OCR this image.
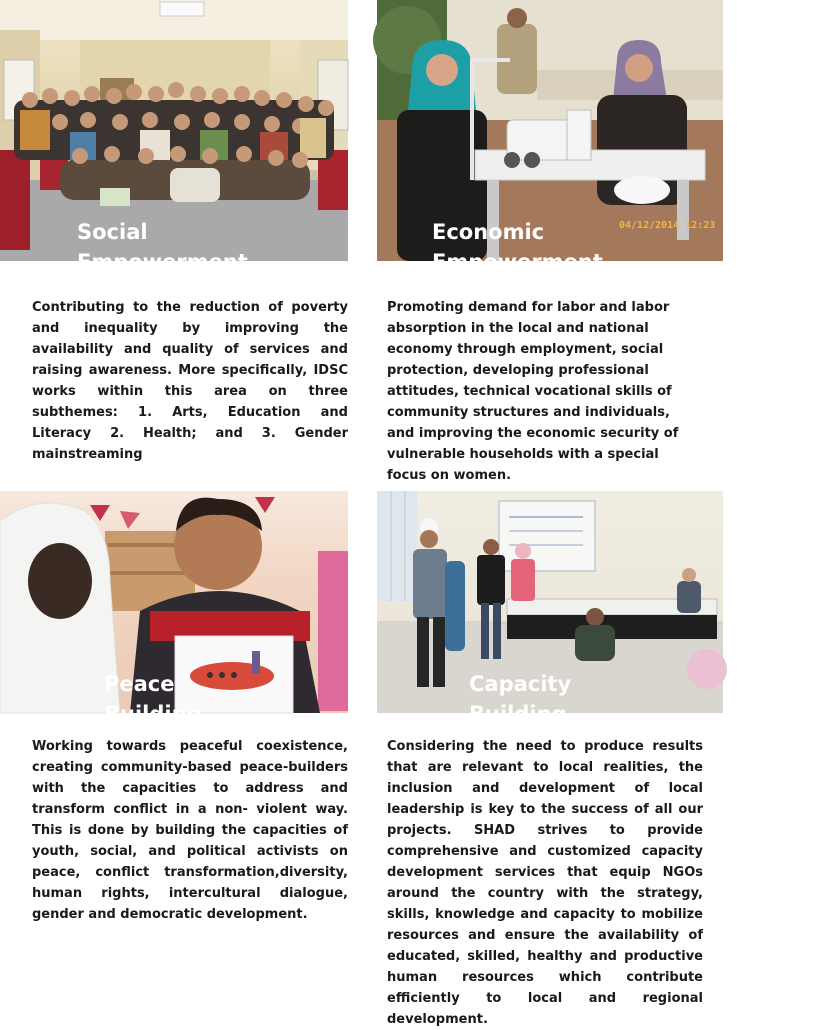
Social
Empowerment
04/12/2014 12:23
Economic
Empowerment
Contributing to the reduction of poverty and inequality by improving the availability and quality of services and raising awareness. More specifically, IDSC works within this area on three subthemes: 1. Arts, Education and Literacy 2. Health; and 3. Gender mainstreaming
Promoting demand for labor and labor absorption in the local and national economy through employment, social protection, developing professional attitudes, technical vocational skills of community structures and individuals, and improving the economic security of vulnerable households with a special focus on women.
Peace
Building
Capacity
Building
Working towards peaceful coexistence, creating community-based peace-builders with the capacities to address and transform conflict in a non- violent way. This is done by building the capacities of youth, social, and political activists on peace, conflict transformation,diversity, human rights, intercultural dialogue, gender and democratic development.
Considering the need to produce results that are relevant to local realities, the inclusion and development of local leadership is key to the success of all our projects. SHAD strives to provide comprehensive and customized capacity development services that equip NGOs around the country with the strategy, skills, knowledge and capacity to mobilize resources and ensure the availability of educated, skilled, healthy and productive human resources which contribute efficiently to local and regional development.
